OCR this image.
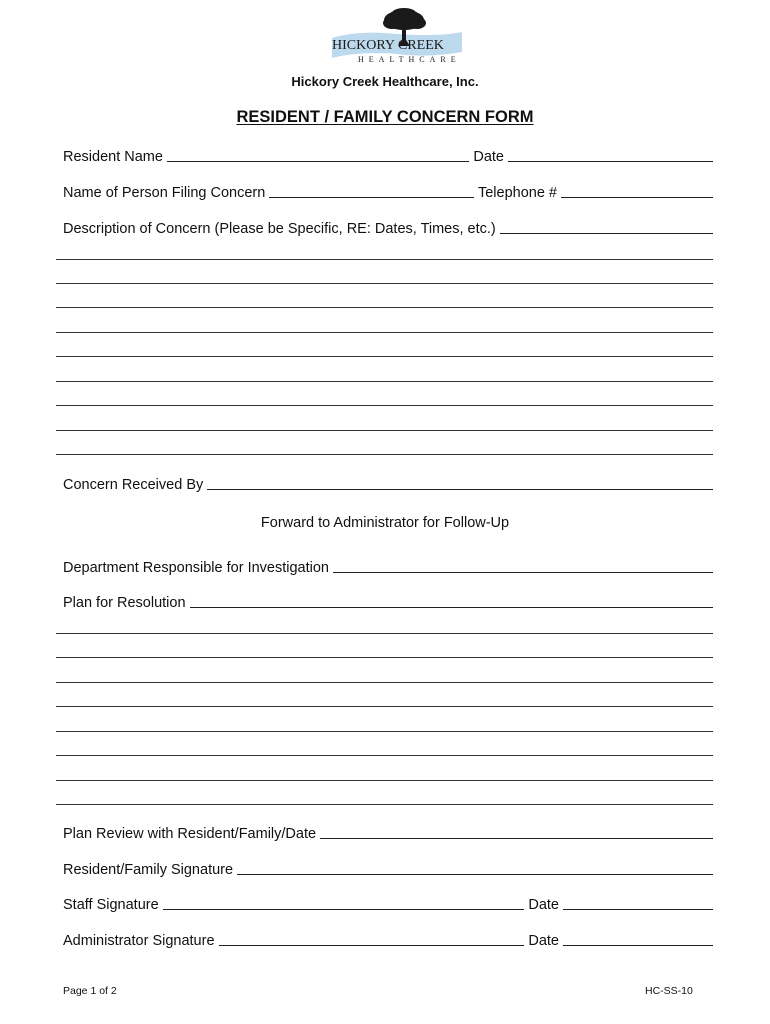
HICKORY CREEK
HEALTHCARE
Hickory Creek Healthcare, Inc.
RESIDENT / FAMILY CONCERN FORM
Resident Name	Date
Name of Person Filing Concern	Telephone #
Description of Concern (Please be Specific, RE: Dates, Times, etc.)
Concern Received By
Forward to Administrator for Follow-Up
Department Responsible for Investigation
Plan for Resolution
Plan Review with Resident/Family/Date
Resident/Family Signature
Staff Signature	Date
Administrator Signature	Date
Page 1 of 2	HC-SS-10
